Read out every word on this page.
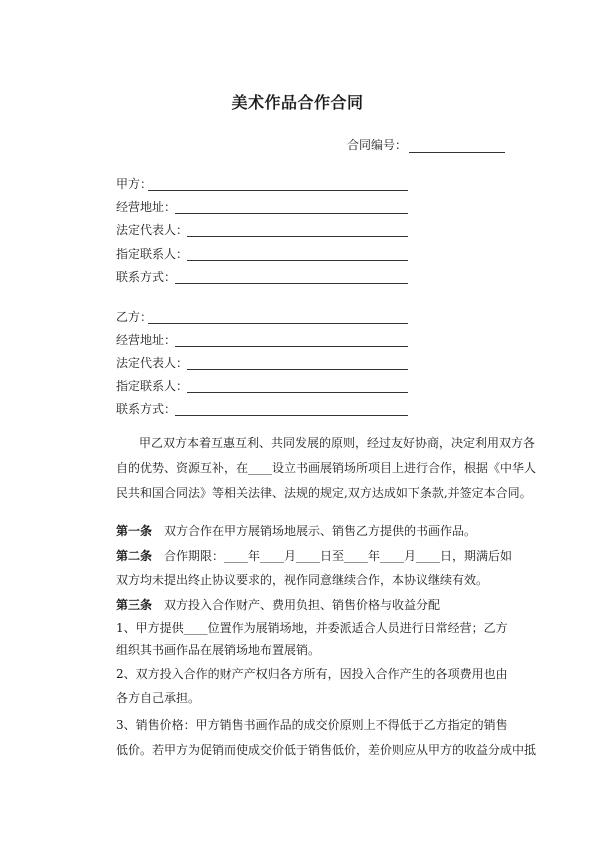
美术作品合作合同
合同编号：
甲方：
经营地址：
法定代表人：
指定联系人：
联系方式：
乙方：
经营地址：
法定代表人：
指定联系人：
联系方式：
甲乙双方本着互惠互利、共同发展的原则，经过友好协商，决定利用双方各
自的优势、资源互补，在____设立书画展销场所项目上进行合作，根据《中华人
民共和国合同法》等相关法律、法规的规定,双方达成如下条款,并签定本合同。
第一条　双方合作在甲方展销场地展示、销售乙方提供的书画作品。
第二条　合作期限：____年____月____日至____年____月____日，期满后如
双方均未提出终止协议要求的，视作同意继续合作，本协议继续有效。
第三条　双方投入合作财产、费用负担、销售价格与收益分配
1、甲方提供____位置作为展销场地，并委派适合人员进行日常经营；乙方
组织其书画作品在展销场地布置展销。
2、双方投入合作的财产产权归各方所有，因投入合作产生的各项费用也由
各方自己承担。
3、销售价格：甲方销售书画作品的成交价原则上不得低于乙方指定的销售
低价。若甲方为促销而使成交价低于销售低价，差价则应从甲方的收益分成中抵
